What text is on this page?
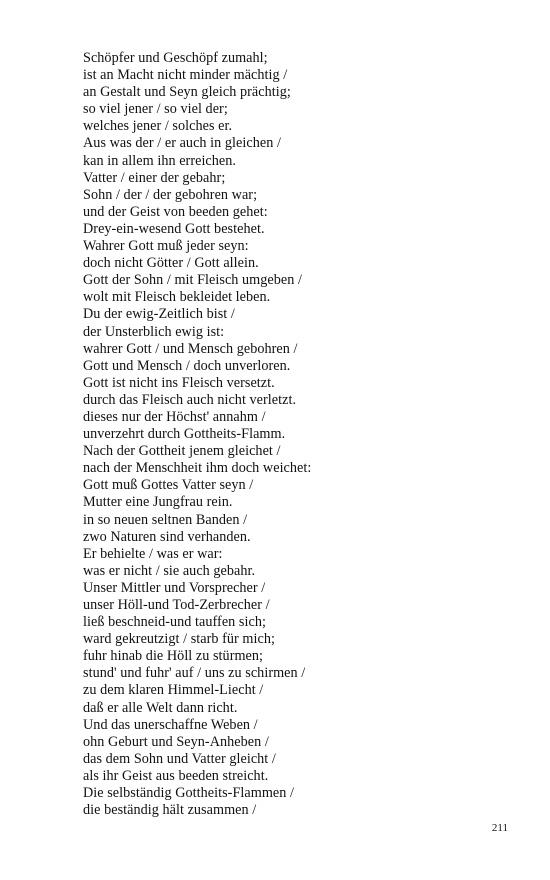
Schöpfer und Geschöpf zumahl;
ist an Macht nicht minder mächtig /
an Gestalt und Seyn gleich prächtig;
so viel jener / so viel der;
welches jener / solches er.
Aus was der / er auch in gleichen /
kan in allem ihn erreichen.
Vatter / einer der gebahr;
Sohn / der / der gebohren war;
und der Geist von beeden gehet:
Drey-ein-wesend Gott bestehet.
Wahrer Gott muß jeder seyn:
doch nicht Götter / Gott allein.
Gott der Sohn / mit Fleisch umgeben /
wolt mit Fleisch bekleidet leben.
Du der ewig-Zeitlich bist /
der Unsterblich ewig ist:
wahrer Gott / und Mensch gebohren /
Gott und Mensch / doch unverloren.
Gott ist nicht ins Fleisch versetzt.
durch das Fleisch auch nicht verletzt.
dieses nur der Höchst' annahm /
unverzehrt durch Gottheits-Flamm.
Nach der Gottheit jenem gleichet /
nach der Menschheit ihm doch weichet:
Gott muß Gottes Vatter seyn /
Mutter eine Jungfrau rein.
in so neuen seltnen Banden /
zwo Naturen sind verhanden.
Er behielte / was er war:
was er nicht / sie auch gebahr.
Unser Mittler und Vorsprecher /
unser Höll-und Tod-Zerbrecher /
ließ beschneid-und tauffen sich;
ward gekreutzigt / starb für mich;
fuhr hinab die Höll zu stürmen;
stund' und fuhr' auf / uns zu schirmen /
zu dem klaren Himmel-Liecht /
daß er alle Welt dann richt.
Und das unerschaffne Weben /
ohn Geburt und Seyn-Anheben /
das dem Sohn und Vatter gleicht /
als ihr Geist aus beeden streicht.
Die selbständig Gottheits-Flammen /
die beständig hält zusammen /
211
